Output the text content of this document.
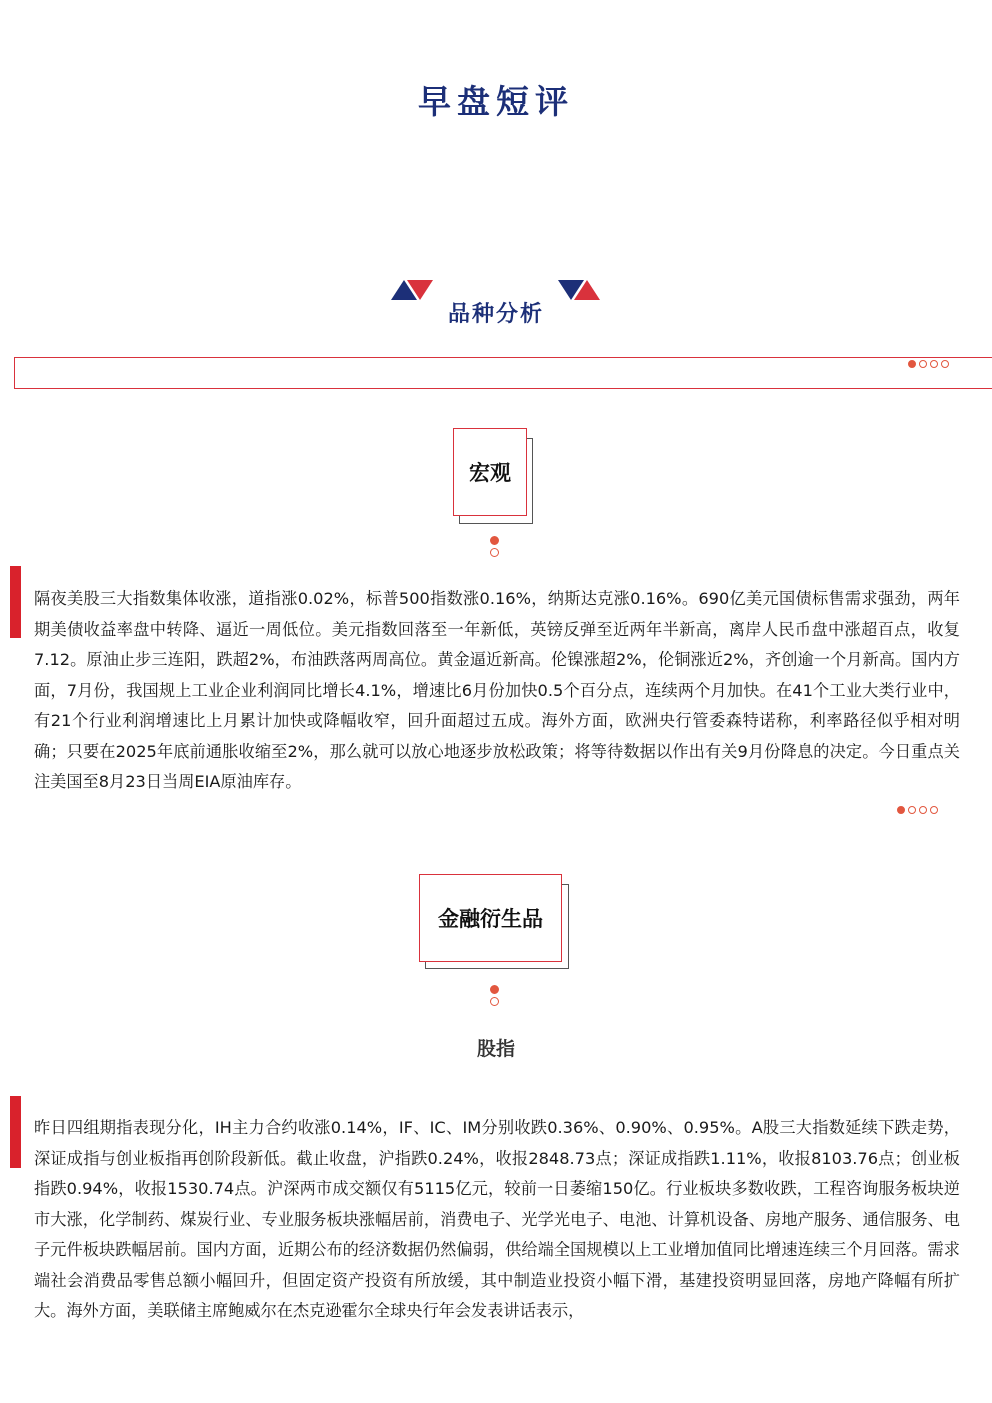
早盘短评
品种分析
宏观
隔夜美股三大指数集体收涨，道指涨0.02%，标普500指数涨0.16%，纳斯达克涨0.16%。690亿美元国债标售需求强劲，两年期美债收益率盘中转降、逼近一周低位。美元指数回落至一年新低，英镑反弹至近两年半新高，离岸人民币盘中涨超百点，收复7.12。原油止步三连阳，跌超2%，布油跌落两周高位。黄金逼近新高。伦镍涨超2%，伦铜涨近2%，齐创逾一个月新高。国内方面，7月份，我国规上工业企业利润同比增长4.1%，增速比6月份加快0.5个百分点，连续两个月加快。在41个工业大类行业中，有21个行业利润增速比上月累计加快或降幅收窄，回升面超过五成。海外方面，欧洲央行管委森特诺称，利率路径似乎相对明确；只要在2025年底前通胀收缩至2%，那么就可以放心地逐步放松政策；将等待数据以作出有关9月份降息的决定。今日重点关注美国至8月23日当周EIA原油库存。
金融衍生品
股指
昨日四组期指表现分化，IH主力合约收涨0.14%，IF、IC、IM分别收跌0.36%、0.90%、0.95%。A股三大指数延续下跌走势，深证成指与创业板指再创阶段新低。截止收盘，沪指跌0.24%，收报2848.73点；深证成指跌1.11%，收报8103.76点；创业板指跌0.94%，收报1530.74点。沪深两市成交额仅有5115亿元，较前一日萎缩150亿。行业板块多数收跌，工程咨询服务板块逆市大涨，化学制药、煤炭行业、专业服务板块涨幅居前，消费电子、光学光电子、电池、计算机设备、房地产服务、通信服务、电子元件板块跌幅居前。国内方面，近期公布的经济数据仍然偏弱，供给端全国规模以上工业增加值同比增速连续三个月回落。需求端社会消费品零售总额小幅回升，但固定资产投资有所放缓，其中制造业投资小幅下滑，基建投资明显回落，房地产降幅有所扩大。海外方面，美联储主席鲍威尔在杰克逊霍尔全球央行年会发表讲话表示，
